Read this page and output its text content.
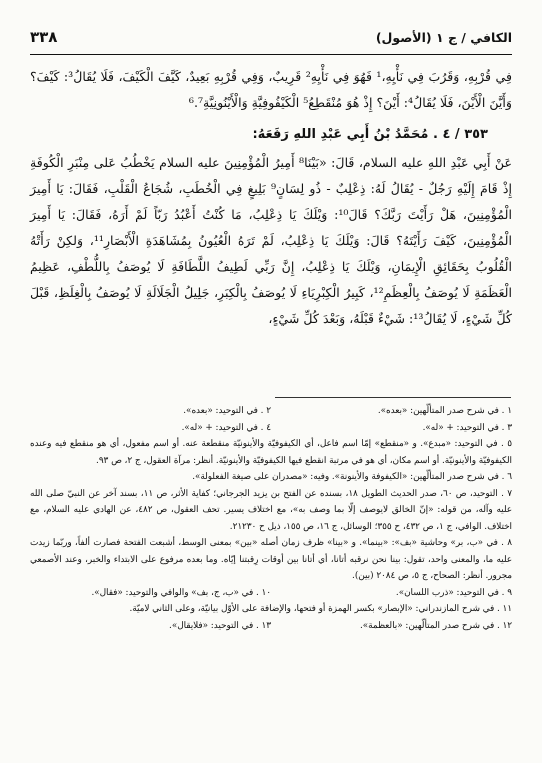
الكافي / ج ١ (الأصول)
٣٣٨

فِي قُرْبِهِ، وَقَرُبَ فِي نَأْيِهِ،¹ فَهُوَ فِي نَأْيِهِ² قَرِيبٌ، وَفِي قُرْبِهِ بَعِيدٌ، كَيَّفَ الْكَيْفَ، فَلَا يُقَالُ³: كَيْفَ؟ وَأَيَّنَ الْأَيْنَ، فَلَا يُقَالُ⁴: أَيْنَ؟ إِذْ هُوَ مُنْقَطِعُ⁵ الْكَيْفُوفِيَّةِ وَالْأَيْنُونِيَّةِ⁶.⁷

٣٥٣ / ٤ . مُحَمَّدُ بْنُ أَبِي عَبْدِ اللهِ رَفَعَهُ:

عَنْ أَبِي عَبْدِ اللهِ عليه السلام، قَالَ: «بَيْنَا⁸ أَمِيرُ الْمُؤْمِنِينَ عليه السلام يَخْطُبُ عَلى مِنْبَرِ الْكُوفَةِ إِذْ قَامَ إِلَيْهِ رَجُلٌ - يُقَالُ لَهُ: ذِعْلِبٌ - ذُو لِسَانٍ⁹ بَلِيغٍ فِي الْخُطَبِ، شُجَاعُ الْقَلْبِ، فَقَالَ: يَا أَمِيرَ الْمُؤْمِنِينَ، هَلْ رَأَيْتَ رَبَّكَ؟ قَالَ¹⁰: وَيْلَكَ يَا ذِعْلِبُ، مَا كُنْتُ أَعْبُدُ رَبّاً لَمْ أَرَهُ، فَقَالَ: يَا أَمِيرَ الْمُؤْمِنِينَ، كَيْفَ رَأَيْتَهُ؟ قَالَ: وَيْلَكَ يَا ذِعْلِبُ، لَمْ تَرَهُ الْعُيُونُ بِمُشَاهَدَةِ الْأَبْصَارِ¹¹، وَلكِنْ رَأَتْهُ الْقُلُوبُ بِحَقَائِقِ الْإِيمَانِ، وَيْلَكَ يَا ذِعْلِبُ، إِنَّ رَبِّي لَطِيفُ اللَّطَافَةِ لَا يُوصَفُ بِاللُّطْفِ، عَظِيمُ الْعَظَمَةِ لَا يُوصَفُ بِالْعِظَمِ¹²، كَبِيرُ الْكِبْرِيَاءِ لَا يُوصَفُ بِالْكِبَرِ، جَلِيلُ الْجَلَالَةِ لَا يُوصَفُ بِالْغِلَظِ، قَبْلَ كُلِّ شَيْءٍ، لَا يُقَالُ¹³: شَيْءٌ قَبْلَهُ، وَبَعْدَ كُلِّ شَيْءٍ،

١ . في شرح صدر المتألّهين: «بعده».
٢ . في التوحيد: «بعده».
٣ . في التوحيد: + «له».
٤ . في التوحيد: + «له».
٥ . في التوحيد: «مبدع». و «منقطع» إمّا اسم فاعل، أي الكيفوفيّة والأينونيّة منقطعة عنه. أو اسم مفعول، أي هو منقطع فيه وعنده الكيفوفيّة والأينونيّة. أو اسم مكان، أي هو في مرتبة انقطع فيها الكيفوفيّة والأينونيّة. أنظر: مرآة العقول، ج ٢، ص ٩٣.
٦ . في شرح صدر المتألّهين: «الكيفوفة والأينونة». وفيه: «مصدران على صيغة الفعلولة».
٧ . التوحيد، ص ٦٠، صدر الحديث الطويل ١٨، بسنده عن الفتح بن يزيد الجرجاني؛ كفاية الأثر، ص ١١، بسند آخر عن النبيّ صلى الله عليه وآله، من قوله: «إنّ الخالق لايوصف إلّا بما وصف به»، مع اختلاف يسير. تحف العقول، ص ٤٨٢، عن الهادي عليه السلام، مع اختلاف. الوافي، ج ١، ص ٤٣٢، ح ٣٥٥؛ الوسائل، ج ١٦، ص ١٥٥، ذيل ح ٢١٢٣٠.
٨ . في «ب، بر» وحاشية «بف»: «بينما». و «بينا» ظرف زمان أصله «بين» بمعنى الوسط، أشبعت الفتحة فصارت ألفاً، وربّما زيدت عليه ما، والمعنى واحد، تقول: بينا نحن نرقبه أتانا، أي أتانا بين أوقات رِقبتنا إيّاه. وما بعده مرفوع على الابتداء والخبر، وعند الأصمعي مجرور. أنظر: الصحاح، ج ٥، ص ٢٠٨٤ (بين).
٩ . في التوحيد: «ذرب اللسان».
١٠ . في «ب، ج، بف» والوافي والتوحيد: «فقال».
١١ . في شرح المازندراني: «الإبصار» بكسر الهمزة أو فتحها، والإضافة على الأوّل بيانيّة، وعلى الثاني لاميّة.
١٢ . في شرح صدر المتألّهين: «بالعظمة».
١٣ . في التوحيد: «فلايقال».
